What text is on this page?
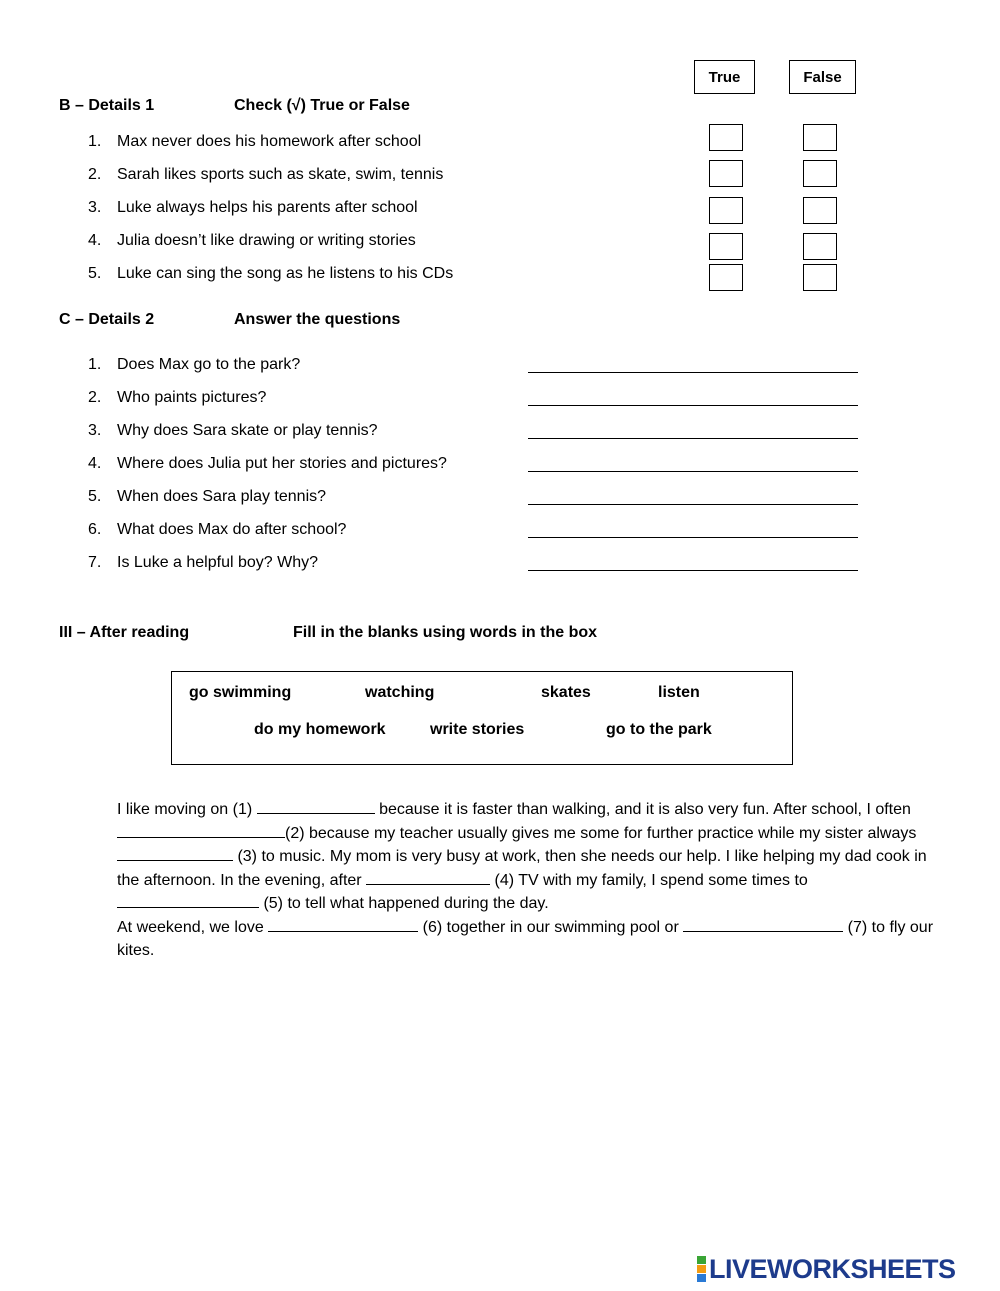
True	False
B – Details 1	Check (√) True or False
1. Max never does his homework after school
2. Sarah likes sports such as skate, swim, tennis
3. Luke always helps his parents after school
4. Julia doesn’t like drawing or writing stories
5. Luke can sing the song as he listens to his CDs
C – Details 2	Answer the questions
1. Does Max go to the park?
2. Who paints pictures?
3. Why does Sara skate or play tennis?
4. Where does Julia put her stories and pictures?
5. When does Sara play tennis?
6. What does Max do after school?
7. Is Luke a helpful boy? Why?
III – After reading	Fill in the blanks using words in the box
go swimming	watching	skates	listen
do my homework	write stories	go to the park

I like moving on (1)	because it is faster than walking, and it is also very fun. After school, I often (2) because my teacher usually gives me some for further practice while my sister always  (3) to music. My mom is very busy at work, then she needs our help. I like helping my dad cook in the afternoon. In the evening, after	(4) TV with my family, I spend some times to  (5) to tell what happened during the day.

At weekend, we love	(6) together in our swimming pool or	(7) to fly our kites.

LIVEWORKSHEETS
